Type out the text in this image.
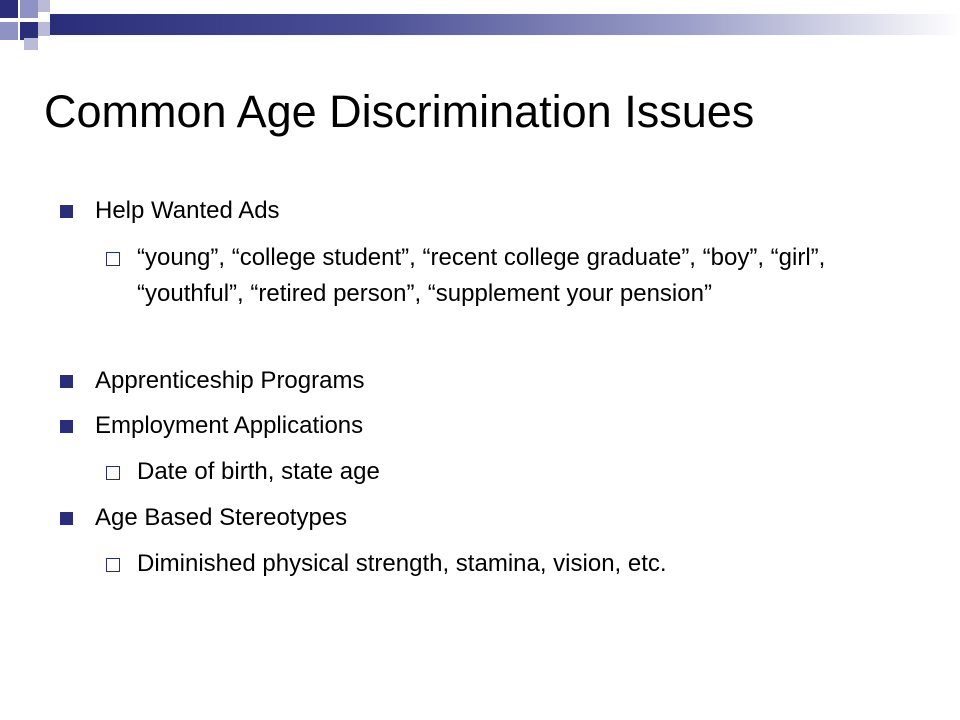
Common Age Discrimination Issues
Help Wanted Ads
“young”, “college student”, “recent college graduate”, “boy”, “girl”, “youthful”, “retired person”, “supplement your pension”
Apprenticeship Programs
Employment Applications
Date of birth, state age
Age Based Stereotypes
Diminished physical strength, stamina, vision, etc.
